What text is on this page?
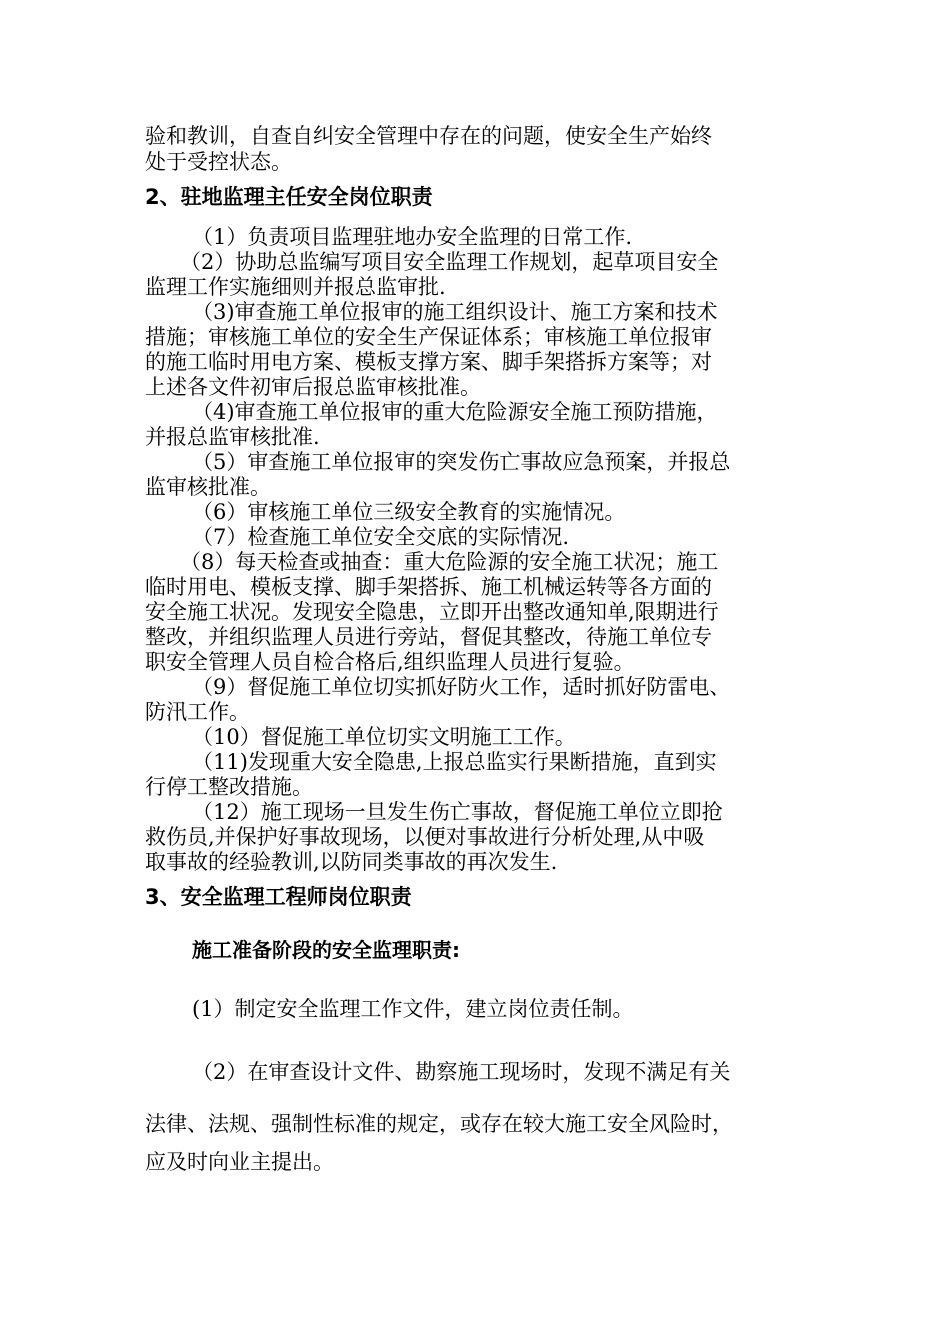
验和教训，自查自纠安全管理中存在的问题，使安全生产始终
处于受控状态。
2、驻地监理主任安全岗位职责
（1）负责项目监理驻地办安全监理的日常工作.
（2）协助总监编写项目安全监理工作规划，起草项目安全
监理工作实施细则并报总监审批.
（3)审查施工单位报审的施工组织设计、施工方案和技术
措施；审核施工单位的安全生产保证体系；审核施工单位报审
的施工临时用电方案、模板支撑方案、脚手架搭拆方案等；对
上述各文件初审后报总监审核批准。
（4)审查施工单位报审的重大危险源安全施工预防措施，
并报总监审核批准.
（5）审查施工单位报审的突发伤亡事故应急预案，并报总
监审核批准。
（6）审核施工单位三级安全教育的实施情况。
（7）检查施工单位安全交底的实际情况.
（8）每天检查或抽查：重大危险源的安全施工状况；施工
临时用电、模板支撑、脚手架搭拆、施工机械运转等各方面的
安全施工状况。发现安全隐患，立即开出整改通知单,限期进行
整改，并组织监理人员进行旁站，督促其整改，待施工单位专
职安全管理人员自检合格后,组织监理人员进行复验。
（9）督促施工单位切实抓好防火工作，适时抓好防雷电、
防汛工作。
（10）督促施工单位切实文明施工工作。
（11)发现重大安全隐患,上报总监实行果断措施，直到实
行停工整改措施。
（12）施工现场一旦发生伤亡事故，督促施工单位立即抢
救伤员,并保护好事故现场，以便对事故进行分析处理,从中吸
取事故的经验教训,以防同类事故的再次发生.
3、安全监理工程师岗位职责
施工准备阶段的安全监理职责:
(1）制定安全监理工作文件，建立岗位责任制。
（2）在审查设计文件、勘察施工现场时，发现不满足有关
法律、法规、强制性标准的规定，或存在较大施工安全风险时，
应及时向业主提出。
